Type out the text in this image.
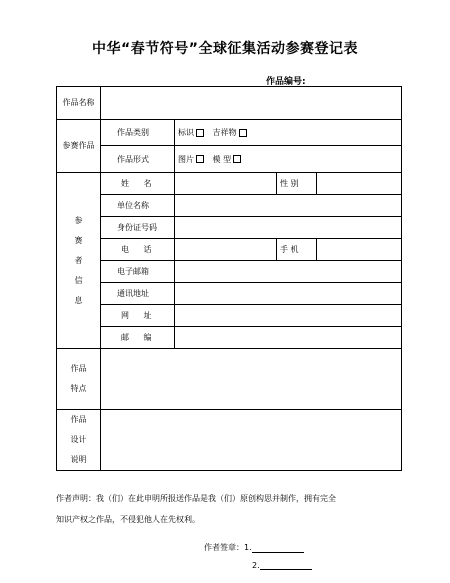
中华“春节符号”全球征集活动参赛登记表
作品编号:
作品名称				
参赛作品	作品类别	标识 吉祥物		
	作品形式	图片 模 型		

参
赛
者
信
息	姓 名		性 别	
	单位名称			
	身份证号码			
	电 话		手 机	
	电子邮箱			
	通讯地址			
	网 址			
	邮 编			

作品
特点				

作品
设计
说明				

作者声明：我（们）在此申明所报送作品是我（们）原创构思并制作，拥有完全
知识产权之作品，不侵犯他人在先权利。
作者签章：1.
2.
